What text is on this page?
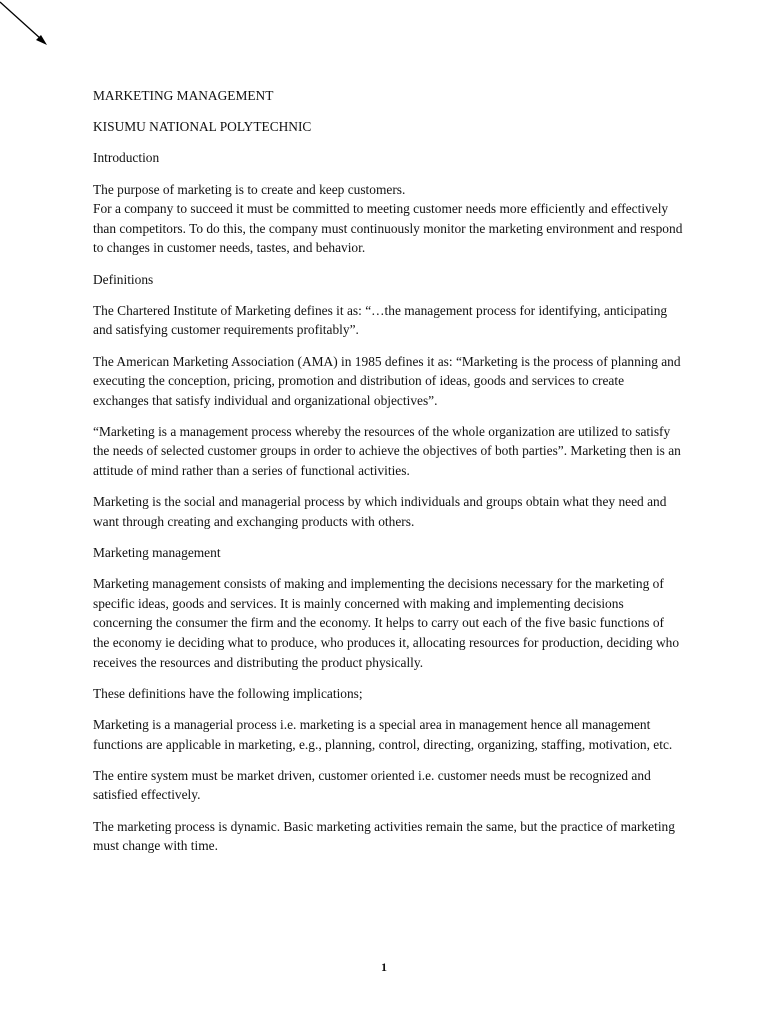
MARKETING MANAGEMENT

KISUMU NATIONAL POLYTECHNIC

Introduction

The purpose of marketing is to create and keep customers.
For a company to succeed it must be committed to meeting customer needs more efficiently and effectively than competitors. To do this, the company must continuously monitor the marketing environment and respond to changes in customer needs, tastes, and behavior.

Definitions

The Chartered Institute of Marketing defines it as: “…the management process for identifying, anticipating and satisfying customer requirements profitably”.

The American Marketing Association (AMA) in 1985 defines it as: “Marketing is the process of planning and executing the conception, pricing, promotion and distribution of ideas, goods and services to create exchanges that satisfy individual and organizational objectives”.

“Marketing is a management process whereby the resources of the whole organization are utilized to satisfy the needs of selected customer groups in order to achieve the objectives of both parties”. Marketing then is an attitude of mind rather than a series of functional activities.

Marketing is the social and managerial process by which individuals and groups obtain what they need and want through creating and exchanging products with others.

Marketing management

Marketing management consists of making and implementing the decisions necessary for the marketing of specific ideas, goods and services. It is mainly concerned with making and implementing decisions concerning the consumer the firm and the economy. It helps to carry out each of the five basic functions of the economy ie deciding what to produce, who produces it, allocating resources for production, deciding who receives the resources and distributing the product physically.

These definitions have the following implications;

Marketing is a managerial process i.e. marketing is a special area in management hence all management functions are applicable in marketing, e.g., planning, control, directing, organizing, staffing, motivation, etc.

The entire system must be market driven, customer oriented i.e. customer needs must be recognized and satisfied effectively.

The marketing process is dynamic. Basic marketing activities remain the same, but the practice of marketing must change with time.

1
